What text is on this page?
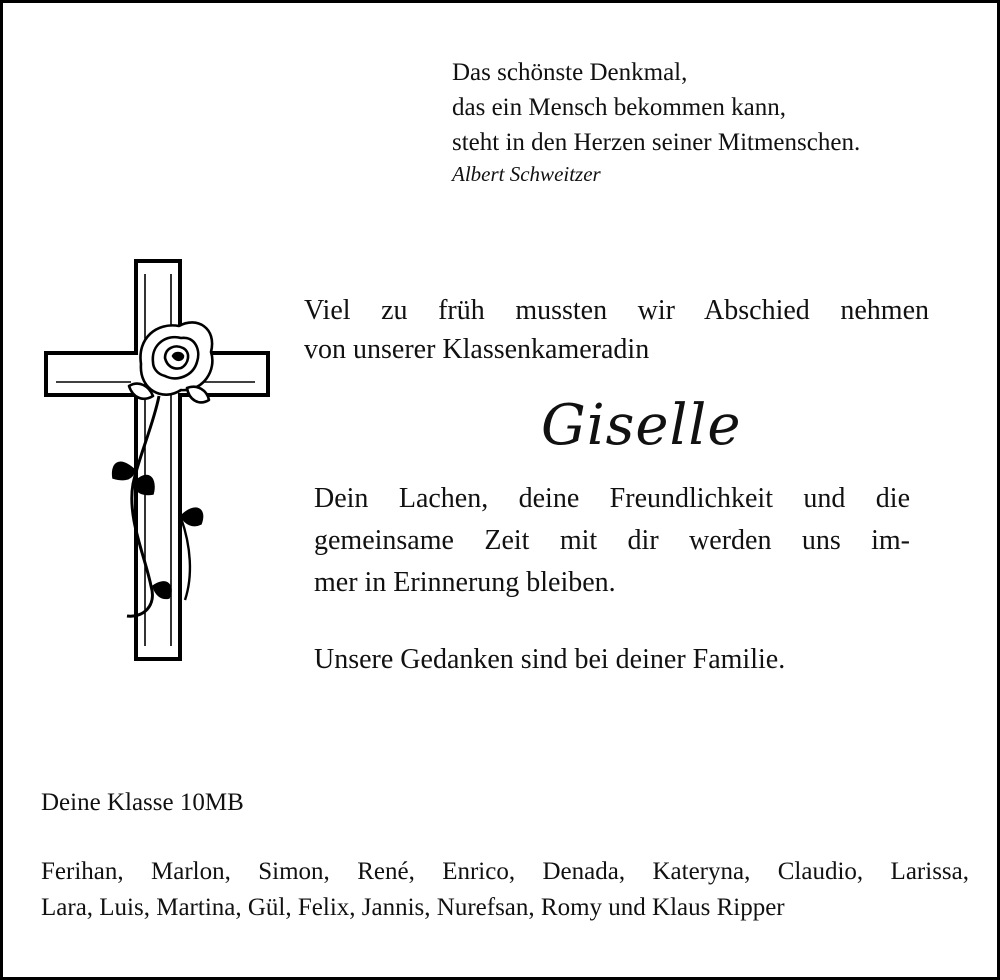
Das schönste Denkmal,
das ein Mensch bekommen kann,
steht in den Herzen seiner Mitmenschen.
Albert Schweitzer
Viel zu früh mussten wir Abschied nehmen
von unserer Klassenkameradin
Giselle
Dein Lachen, deine Freundlichkeit und die
gemeinsame Zeit mit dir werden uns im-
mer in Erinnerung bleiben.
Unsere Gedanken sind bei deiner Familie.
Deine Klasse 10MB
Ferihan, Marlon, Simon, René, Enrico, Denada, Kateryna, Claudio, Larissa,
Lara, Luis, Martina, Gül, Felix, Jannis, Nurefsan, Romy und Klaus Ripper
